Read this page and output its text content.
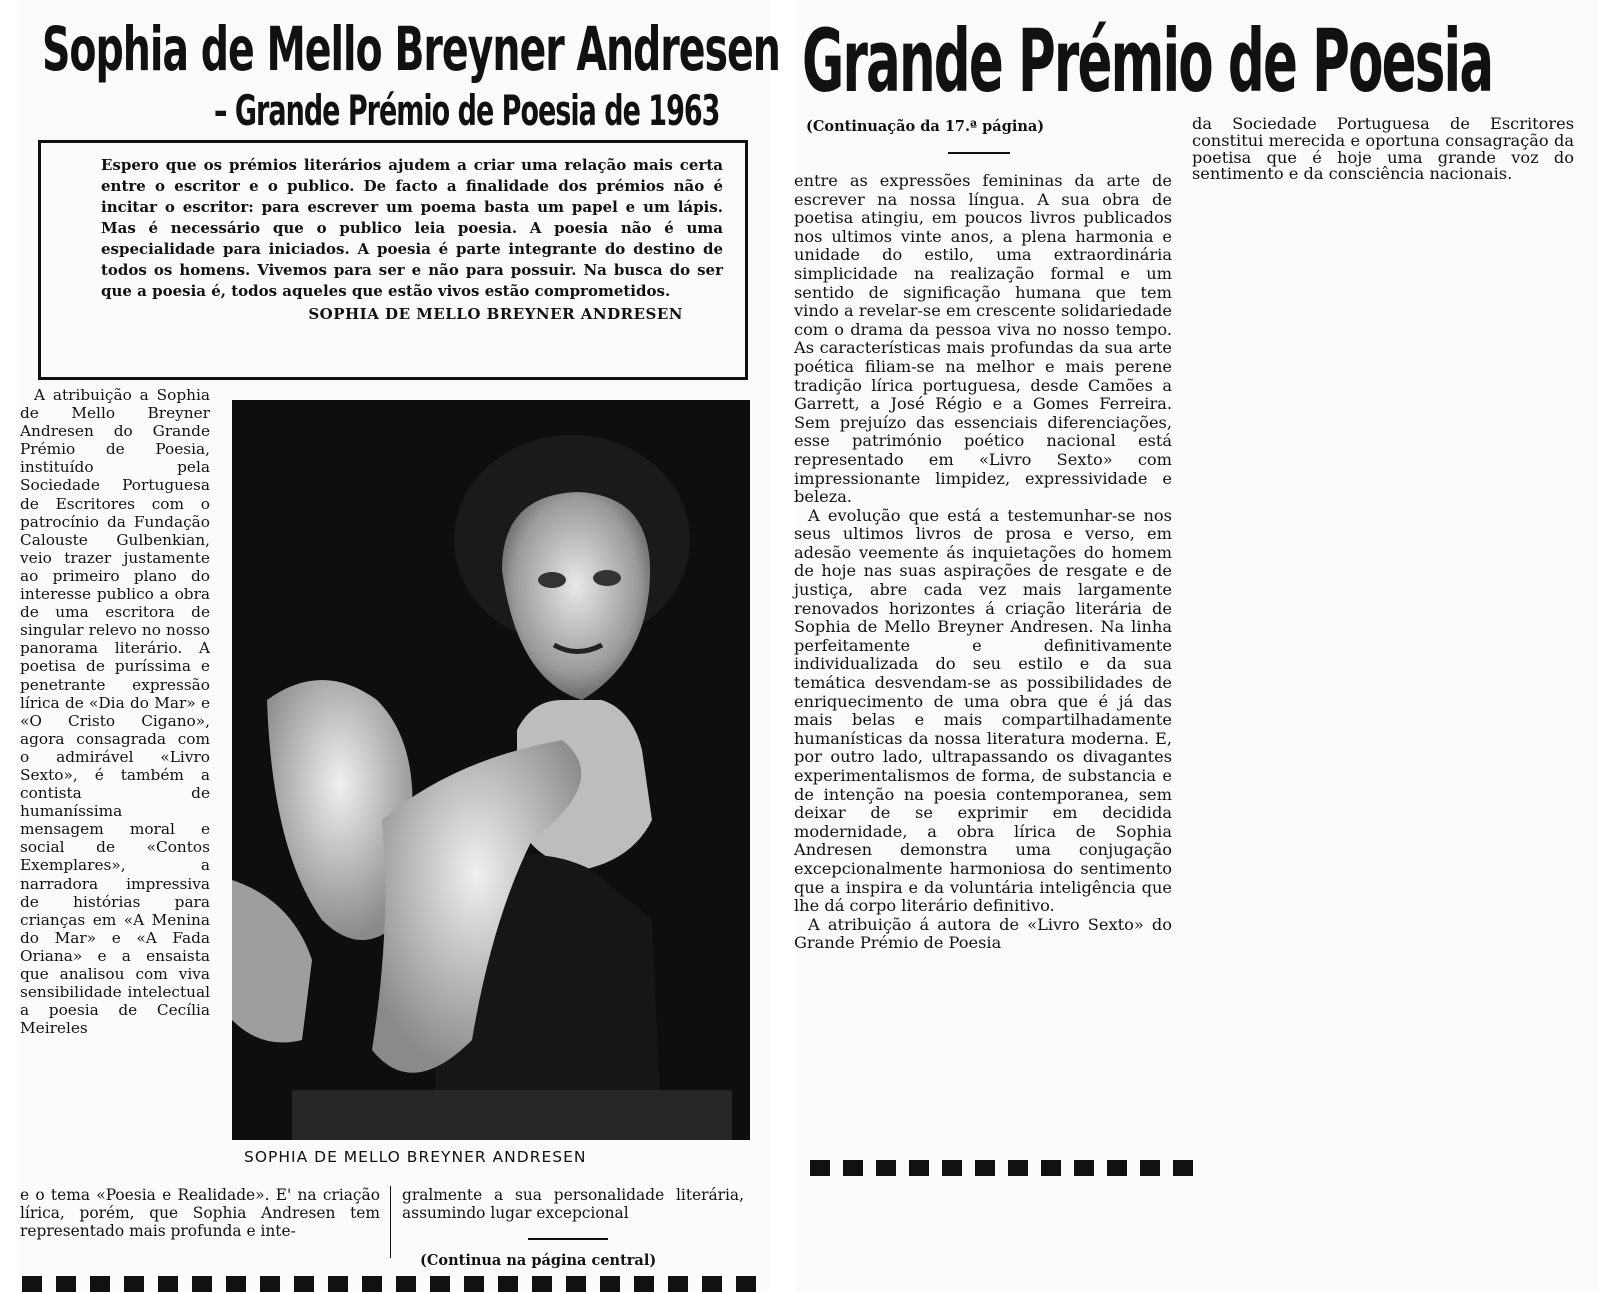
Sophia de Mello Breyner Andresen
– Grande Prémio de Poesia de 1963
Espero que os prémios literários ajudem a criar uma relação mais certa entre o escritor e o publico. De facto a finalidade dos prémios não é incitar o escritor: para escrever um poema basta um papel e um lápis. Mas é necessário que o publico leia poesia. A poesia não é uma especialidade para iniciados. A poesia é parte integrante do destino de todos os homens. Vivemos para ser e não para possuir. Na busca do ser que a poesia é, todos aqueles que estão vivos estão comprometidos.
SOPHIA DE MELLO BREYNER ANDRESEN

A atribuição a Sophia de Mello Breyner Andresen do Grande Prémio de Poesia, instituído pela Sociedade Portuguesa de Escritores com o patrocínio da Fundação Calouste Gulbenkian, veio trazer justamente ao primeiro plano do interesse publico a obra de uma escritora de singular relevo no nosso panorama literário. A poetisa de puríssima e penetrante expressão lírica de «Dia do Mar» e «O Cristo Cigano», agora consagrada com o admirável «Livro Sexto», é também a contista de humaníssima mensagem moral e social de «Contos Exemplares», a narradora impressiva de histórias para crianças em «A Menina do Mar» e «A Fada Oriana» e a ensaista que analisou com viva sensibilidade intelectual a poesia de Cecília Meireles

SOPHIA DE MELLO BREYNER ANDRESEN

e o tema «Poesia e Realidade». E' na criação lírica, porém, que Sophia Andresen tem representado mais profunda e inte-

gralmente a sua personalidade literária, assumindo lugar excepcional

(Continua na página central)
Grande Prémio de Poesia
(Continuação da 17.ª página)

entre as expressões femininas da arte de escrever na nossa língua. A sua obra de poetisa atingiu, em poucos livros publicados nos ultimos vinte anos, a plena harmonia e unidade do estilo, uma extraordinária simplicidade na realização formal e um sentido de significação humana que tem vindo a revelar-se em crescente solidariedade com o drama da pessoa viva no nosso tempo. As características mais profundas da sua arte poética filiam-se na melhor e mais perene tradição lírica portuguesa, desde Camões a Garrett, a José Régio e a Gomes Ferreira. Sem prejuízo das essenciais diferenciações, esse património poético nacional está representado em «Livro Sexto» com impressionante limpidez, expressividade e beleza.

A evolução que está a testemunhar-se nos seus ultimos livros de prosa e verso, em adesão veemente ás inquietações do homem de hoje nas suas aspirações de resgate e de justiça, abre cada vez mais largamente renovados horizontes á criação literária de Sophia de Mello Breyner Andresen. Na linha perfeitamente e definitivamente individualizada do seu estilo e da sua temática desvendam-se as possibilidades de enriquecimento de uma obra que é já das mais belas e mais compartilhadamente humanísticas da nossa literatura moderna. E, por outro lado, ultrapassando os divagantes experimentalismos de forma, de substancia e de intenção na poesia contemporanea, sem deixar de se exprimir em decidida modernidade, a obra lírica de Sophia Andresen demonstra uma conjugação excepcionalmente harmoniosa do sentimento que a inspira e da voluntária inteligência que lhe dá corpo literário definitivo.

A atribuição á autora de «Livro Sexto» do Grande Prémio de Poesia

da Sociedade Portuguesa de Escritores constitui merecida e oportuna consagração da poetisa que é hoje uma grande voz do sentimento e da consciência nacionais.
